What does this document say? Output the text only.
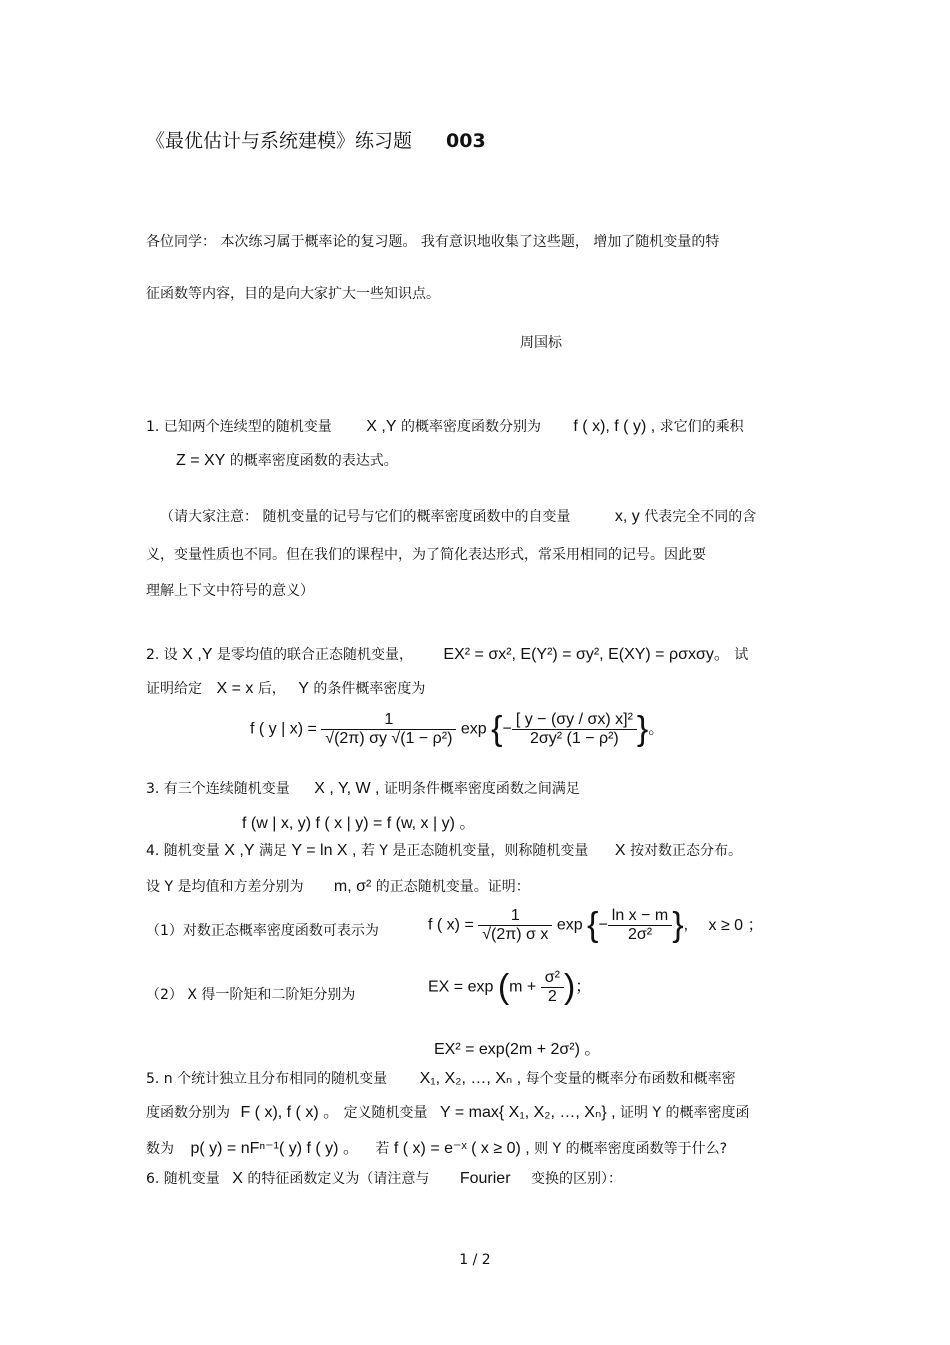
《最优估计与系统建模》练习题 003
各位同学： 本次练习属于概率论的复习题。 我有意识地收集了这些题， 增加了随机变量的特
征函数等内容，目的是向大家扩大一些知识点。
周国标
1. 已知两个连续型的随机变量 X ,Y 的概率密度函数分别为 f ( x), f ( y) , 求它们的乘积
Z = XY 的概率密度函数的表达式。
（请大家注意： 随机变量的记号与它们的概率密度函数中的自变量	x, y 代表完全不同的含
义，变量性质也不同。但在我们的课程中，为了简化表达形式，常采用相同的记号。因此要
理解上下文中符号的意义）
2. 设 X ,Y 是零均值的联合正态随机变量， EX² = σx², E(Y²) = σy², E(XY) = ρσxσy。 试
证明给定 X = x 后， Y 的条件概率密度为
f ( y | $x) = \frac{1}{\text{√(2π) σy √(1 − ρ²)}}$ exp {− $\frac{\text{[ y − (σy / σx) x]²}}{\text{2σy² (1 − ρ²)}}$ }。
3. 有三个连续随机变量 X , Y, W , 证明条件概率密度函数之间满足
f (w | x, y) f ( x | y) = f (w, x | y) 。
4. 随机变量 X ,Y 满足 Y = ln X , 若 Y 是正态随机变量，则称随机变量 X 按对数正态分布。
设 Y 是均值和方差分别为 m, σ² 的正态随机变量。证明：
（1）对数正态概率密度函数可表示为	f ( $x) = \frac{1}{\text{√(2π) σ x}}$ exp {− $\frac{\text{ln x − m}}{\text{2σ²}}$ }, x ≥ 0 ；
（2） X 得一阶矩和二阶矩分别为	EX = $\exp (m + \frac{\text{σ²}}{2}$ )；
EX² = exp(2m + 2σ²) 。
5. n 个统计独立且分布相同的随机变量 X₁, X₂, …, Xₙ , 每个变量的概率分布函数和概率密
度函数分别为 F ( x), f ( x) 。 定义随机变量 Y = max{ X₁, X₂, …, Xₙ} , 证明 Y 的概率密度函
数为 p( y) = nFⁿ⁻¹( y) f ( y) 。 若 f ( x) = e⁻ˣ ( x ≥ 0) , 则 Y 的概率密度函数等于什么?
6. 随机变量 X 的特征函数定义为（请注意与 Fourier 变换的区别）：
1 / 2
